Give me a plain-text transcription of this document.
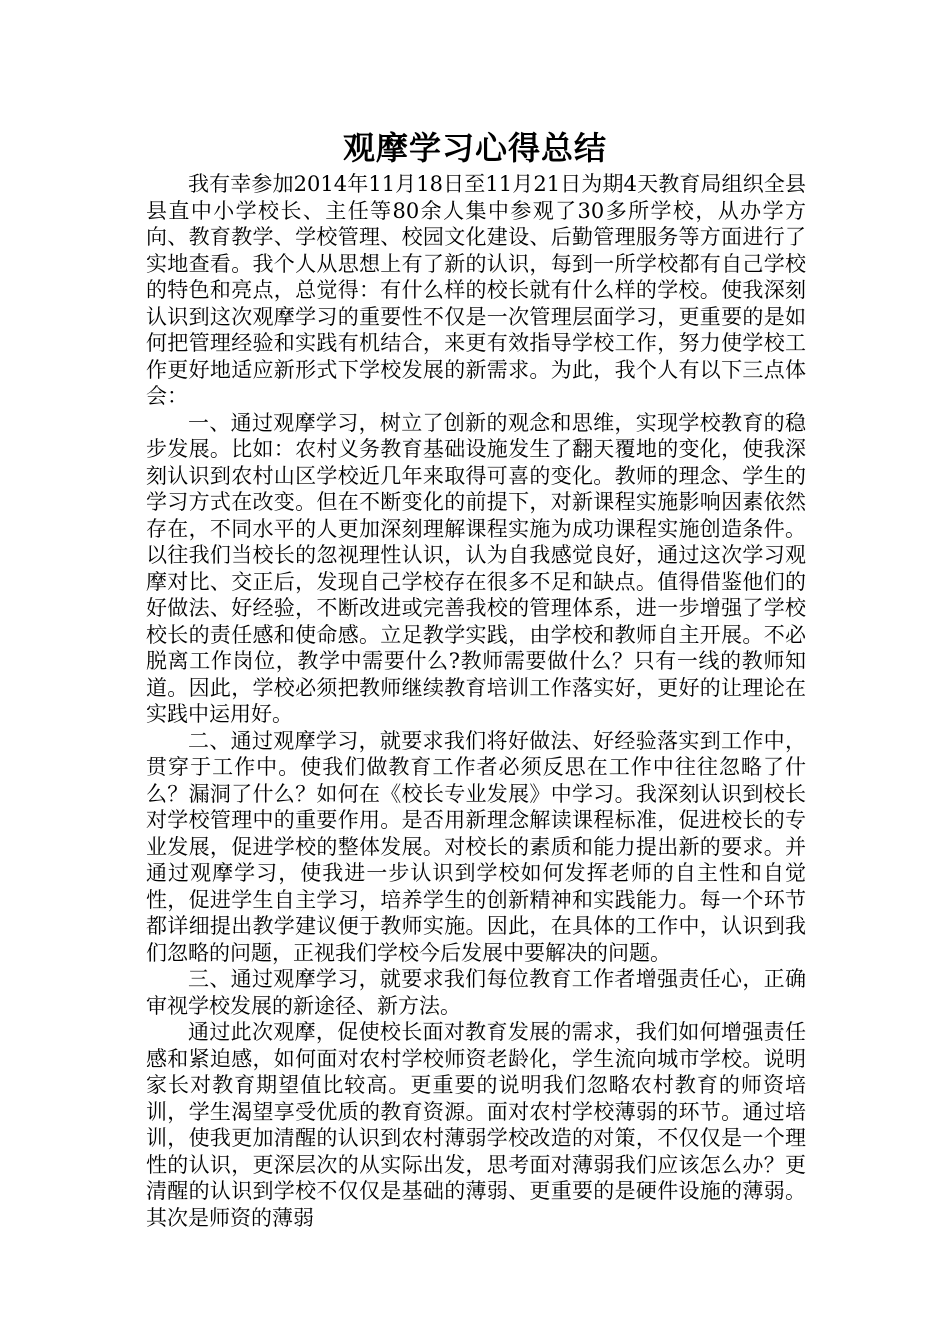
观摩学习心得总结

我有幸参加2014年11月18日至11月21日为期4天教育局组织全县县直中小学校长、主任等80余人集中参观了30多所学校，从办学方向、教育教学、学校管理、校园文化建设、后勤管理服务等方面进行了实地查看。我个人从思想上有了新的认识，每到一所学校都有自己学校的特色和亮点，总觉得：有什么样的校长就有什么样的学校。使我深刻认识到这次观摩学习的重要性不仅是一次管理层面学习，更重要的是如何把管理经验和实践有机结合，来更有效指导学校工作，努力使学校工作更好地适应新形式下学校发展的新需求。为此，我个人有以下三点体会：

一、通过观摩学习，树立了创新的观念和思维，实现学校教育的稳步发展。比如：农村义务教育基础设施发生了翻天覆地的变化，使我深刻认识到农村山区学校近几年来取得可喜的变化。教师的理念、学生的学习方式在改变。但在不断变化的前提下，对新课程实施影响因素依然存在，不同水平的人更加深刻理解课程实施为成功课程实施创造条件。以往我们当校长的忽视理性认识，认为自我感觉良好，通过这次学习观摩对比、交正后，发现自己学校存在很多不足和缺点。值得借鉴他们的好做法、好经验，不断改进或完善我校的管理体系，进一步增强了学校校长的责任感和使命感。立足教学实践，由学校和教师自主开展。不必脱离工作岗位，教学中需要什么?教师需要做什么？只有一线的教师知道。因此，学校必须把教师继续教育培训工作落实好，更好的让理论在实践中运用好。

二、通过观摩学习，就要求我们将好做法、好经验落实到工作中，贯穿于工作中。使我们做教育工作者必须反思在工作中往往忽略了什么？漏洞了什么？如何在《校长专业发展》中学习。我深刻认识到校长对学校管理中的重要作用。是否用新理念解读课程标准，促进校长的专业发展，促进学校的整体发展。对校长的素质和能力提出新的要求。并通过观摩学习，使我进一步认识到学校如何发挥老师的自主性和自觉性，促进学生自主学习，培养学生的创新精神和实践能力。每一个环节都详细提出教学建议便于教师实施。因此，在具体的工作中，认识到我们忽略的问题，正视我们学校今后发展中要解决的问题。

三、通过观摩学习，就要求我们每位教育工作者增强责任心，正确审视学校发展的新途径、新方法。

通过此次观摩，促使校长面对教育发展的需求，我们如何增强责任感和紧迫感，如何面对农村学校师资老龄化，学生流向城市学校。说明家长对教育期望值比较高。更重要的说明我们忽略农村教育的师资培训，学生渴望享受优质的教育资源。面对农村学校薄弱的环节。通过培训，使我更加清醒的认识到农村薄弱学校改造的对策，不仅仅是一个理性的认识，更深层次的从实际出发，思考面对薄弱我们应该怎么办？更清醒的认识到学校不仅仅是基础的薄弱、更重要的是硬件设施的薄弱。其次是师资的薄弱
